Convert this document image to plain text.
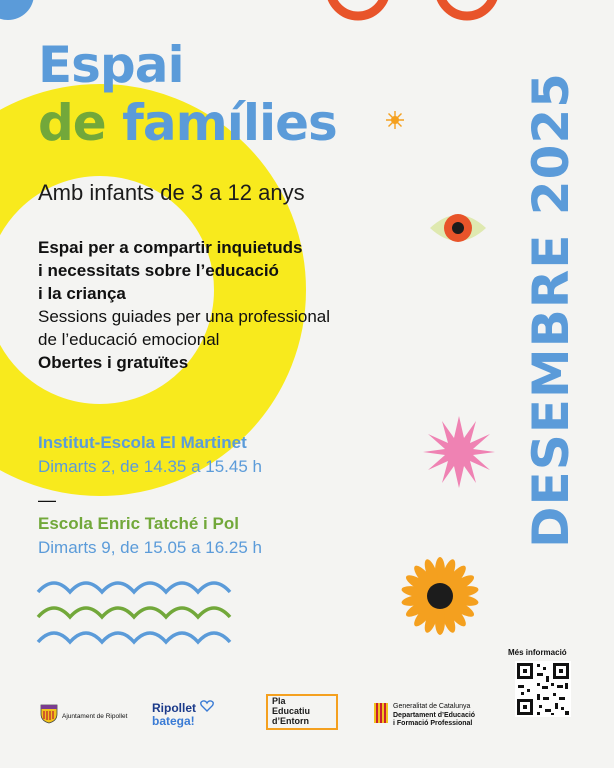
Espai
de famílies
Amb infants de 3 a 12 anys
Espai per a compartir inquietuds
i necessitats sobre l’educació
i la criança
Sessions guiades per una professional
de l’educació emocional
Obertes i gratuïtes
Institut-Escola El Martinet
Dimarts 2, de 14.35 a 15.45 h
—
Escola Enric Tatché i Pol
Dimarts 9, de 15.05 a 16.25 h	DESEMBRE 2025
Més informació
Ajuntament de Ripollet
Ripollet
batega!
Pla
Educatiu
d’Entorn
Generalitat de Catalunya
Departament d’Educació
i Formació Professional
